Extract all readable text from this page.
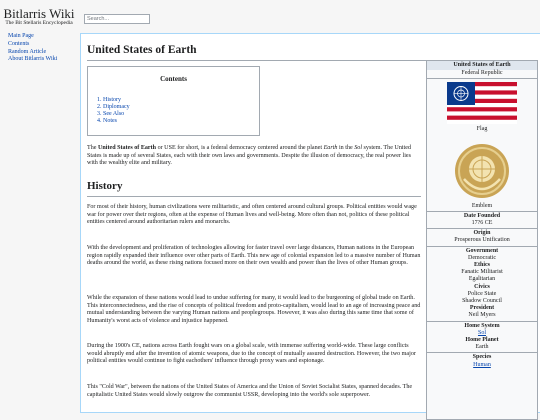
Bitlarris Wiki
The Bit Stellaris Encyclopedia
Main Page
Contents
Random Article
About Bitlarris Wiki
Search...
United States of Earth
Contents
1. History
2. Diplomacy
3. See Also
4. Notes
The United States of Earth or USE for short, is a federal democracy centered around the planet Earth in the Sol system. The United States is made up of several States, each with their own laws and governments. Despite the illusion of democracy, the real power lies with the wealthy elite and military.
History
For most of their history, human civilizations were militaristic, and often centered around cultural groups. Political entities would wage war for power over their regions, often at the expense of Human lives and well-being. More often than not, politics of these political entities centered around authoritarian rulers and monarchs.
With the development and proliferation of technologies allowing for faster travel over large distances, Human nations in the European region rapidly expanded their influence over other parts of Earth. This new age of colonial expansion led to a massive number of Human deaths around the world, as these rising nations focused more on their own wealth and power than the lives of other Human groups.
While the expansion of these nations would lead to undue suffering for many, it would lead to the burgeoning of global trade on Earth. This interconnectedness, and the rise of concepts of political freedom and proto-capitalism, would lead to an age of increasing peace and mutual understanding between the varying Human nations and peoplegroups. However, it was also during this same time that some of Humanity's worst acts of violence and injustice happened.
During the 1900's CE, nations across Earth fought wars on a global scale, with immense suffering world-wide. These large conflicts would abruptly end after the invention of atomic weapons, due to the concept of mutually assured destruction. However, the two major political entities would continue to fight eachothers' influence through proxy wars and espionage.
This "Cold War", between the nations of the United States of America and the Union of Soviet Socialist States, spanned decades. The capitalistic United States would slowly outgrow the communist USSR, developing into the world's sole superpower.
United States of Earth
Federal Republic
Flag
Emblem
Date Founded
17?6 CE
Origin
Prosperous Unification
Government
Democratic
Ethics
Fanatic Militarist
Egalitarian
Civics
Police State
Shadow Council
President
Neil Myers
Home System
Sol
Home Planet
Earth
Species
Human
